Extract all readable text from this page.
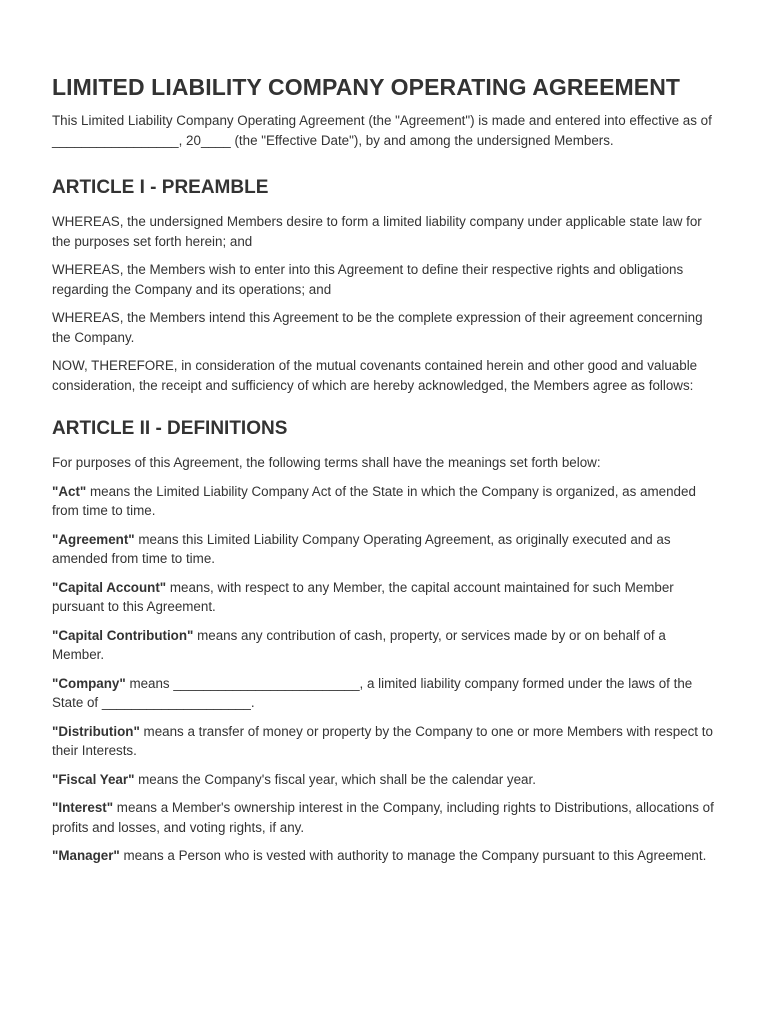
LIMITED LIABILITY COMPANY OPERATING AGREEMENT

This Limited Liability Company Operating Agreement (the "Agreement") is made and entered into effective as of _________________, 20____ (the "Effective Date"), by and among the undersigned Members.

ARTICLE I - PREAMBLE

WHEREAS, the undersigned Members desire to form a limited liability company under applicable state law for the purposes set forth herein; and

WHEREAS, the Members wish to enter into this Agreement to define their respective rights and obligations regarding the Company and its operations; and

WHEREAS, the Members intend this Agreement to be the complete expression of their agreement concerning the Company.

NOW, THEREFORE, in consideration of the mutual covenants contained herein and other good and valuable consideration, the receipt and sufficiency of which are hereby acknowledged, the Members agree as follows:

ARTICLE II - DEFINITIONS

For purposes of this Agreement, the following terms shall have the meanings set forth below:

"Act" means the Limited Liability Company Act of the State in which the Company is organized, as amended from time to time.

"Agreement" means this Limited Liability Company Operating Agreement, as originally executed and as amended from time to time.

"Capital Account" means, with respect to any Member, the capital account maintained for such Member pursuant to this Agreement.

"Capital Contribution" means any contribution of cash, property, or services made by or on behalf of a Member.

"Company" means _________________________, a limited liability company formed under the laws of the State of ____________________.

"Distribution" means a transfer of money or property by the Company to one or more Members with respect to their Interests.

"Fiscal Year" means the Company's fiscal year, which shall be the calendar year.

"Interest" means a Member's ownership interest in the Company, including rights to Distributions, allocations of profits and losses, and voting rights, if any.

"Manager" means a Person who is vested with authority to manage the Company pursuant to this Agreement.
